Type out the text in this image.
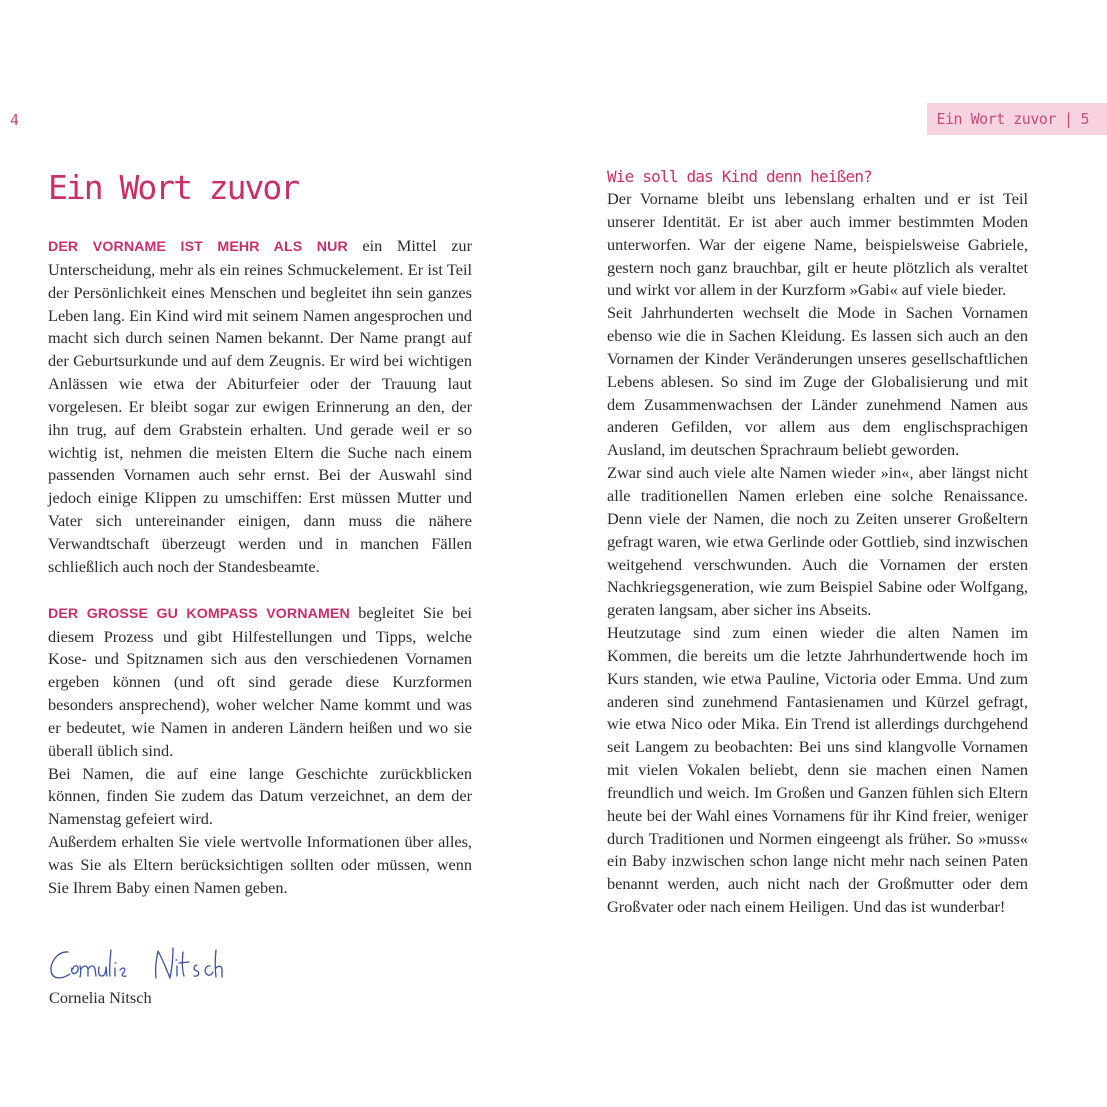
4
Ein Wort zuvor

DER VORNAME IST MEHR ALS NUR ein Mittel zur Unterscheidung, mehr als ein reines Schmuckelement. Er ist Teil der Persönlichkeit eines Menschen und begleitet ihn sein ganzes Leben lang. Ein Kind wird mit seinem Namen angesprochen und macht sich durch seinen Namen bekannt. Der Name prangt auf der Geburtsurkunde und auf dem Zeugnis. Er wird bei wichtigen Anlässen wie etwa der Abiturfeier oder der Trauung laut vorgelesen. Er bleibt sogar zur ewigen Erinnerung an den, der ihn trug, auf dem Grabstein erhalten. Und gerade weil er so wichtig ist, nehmen die meisten Eltern die Suche nach einem passenden Vornamen auch sehr ernst. Bei der Auswahl sind jedoch einige Klippen zu umschiffen: Erst müssen Mutter und Vater sich untereinander einigen, dann muss die nähere Verwandtschaft überzeugt werden und in manchen Fällen schließlich auch noch der Standesbeamte.

DER GROSSE GU KOMPASS VORNAMEN begleitet Sie bei diesem Prozess und gibt Hilfestellungen und Tipps, welche Kose- und Spitznamen sich aus den verschiedenen Vornamen ergeben können (und oft sind gerade diese Kurzformen besonders ansprechend), woher welcher Name kommt und was er bedeutet, wie Namen in anderen Ländern heißen und wo sie überall üblich sind.

Bei Namen, die auf eine lange Geschichte zurückblicken können, finden Sie zudem das Datum verzeichnet, an dem der Namenstag gefeiert wird.

Außerdem erhalten Sie viele wertvolle Informationen über alles, was Sie als Eltern berücksichtigen sollten oder müssen, wenn Sie Ihrem Baby einen Namen geben.

Cornelia Nitsch
Ein Wort zuvor | 5
Wie soll das Kind denn heißen?

Der Vorname bleibt uns lebenslang erhalten und er ist Teil unserer Identität. Er ist aber auch immer bestimmten Moden unterworfen. War der eigene Name, beispielsweise Gabriele, gestern noch ganz brauchbar, gilt er heute plötzlich als veraltet und wirkt vor allem in der Kurzform »Gabi« auf viele bieder.

Seit Jahrhunderten wechselt die Mode in Sachen Vornamen ebenso wie die in Sachen Kleidung. Es lassen sich auch an den Vornamen der Kinder Veränderungen unseres gesellschaftlichen Lebens ablesen. So sind im Zuge der Globalisierung und mit dem Zusammenwachsen der Länder zunehmend Namen aus anderen Gefilden, vor allem aus dem englischsprachigen Ausland, im deutschen Sprachraum beliebt geworden.

Zwar sind auch viele alte Namen wieder »in«, aber längst nicht alle traditionellen Namen erleben eine solche Renaissance. Denn viele der Namen, die noch zu Zeiten unserer Großeltern gefragt waren, wie etwa Gerlinde oder Gottlieb, sind inzwischen weitgehend verschwunden. Auch die Vornamen der ersten Nachkriegsgeneration, wie zum Beispiel Sabine oder Wolfgang, geraten langsam, aber sicher ins Abseits.

Heutzutage sind zum einen wieder die alten Namen im Kommen, die bereits um die letzte Jahrhundertwende hoch im Kurs standen, wie etwa Pauline, Victoria oder Emma. Und zum anderen sind zunehmend Fantasienamen und Kürzel gefragt, wie etwa Nico oder Mika. Ein Trend ist allerdings durchgehend seit Langem zu beobachten: Bei uns sind klangvolle Vornamen mit vielen Vokalen beliebt, denn sie machen einen Namen freundlich und weich. Im Großen und Ganzen fühlen sich Eltern heute bei der Wahl eines Vornamens für ihr Kind freier, weniger durch Traditionen und Normen eingeengt als früher. So »muss« ein Baby inzwischen schon lange nicht mehr nach seinen Paten benannt werden, auch nicht nach der Großmutter oder dem Großvater oder nach einem Heiligen. Und das ist wunderbar!
